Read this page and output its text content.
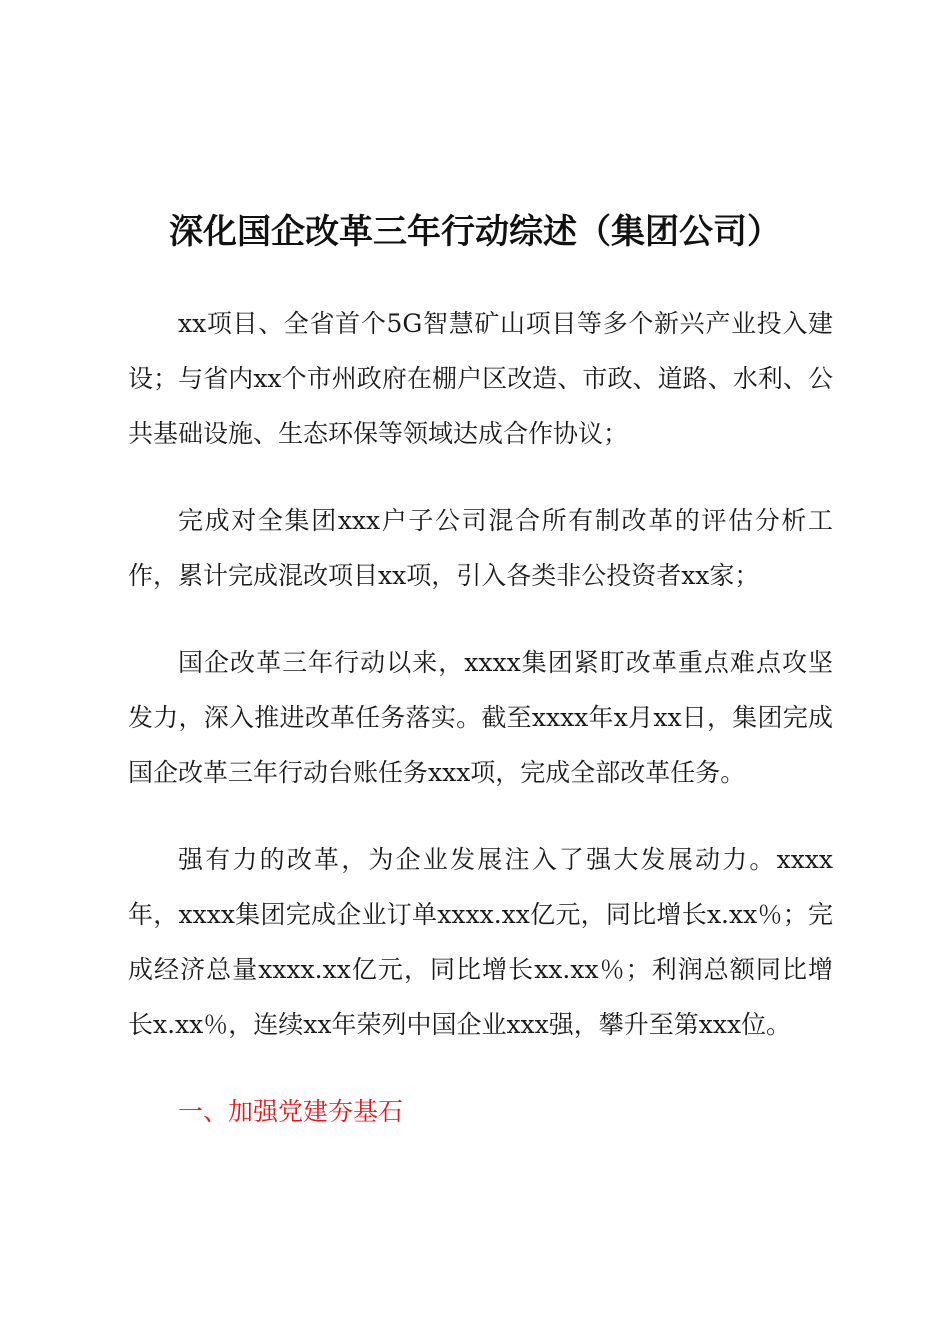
深化国企改革三年行动综述（集团公司）

xx项目、全省首个5G智慧矿山项目等多个新兴产业投入建设；与省内xx个市州政府在棚户区改造、市政、道路、水利、公共基础设施、生态环保等领域达成合作协议；

完成对全集团xxx户子公司混合所有制改革的评估分析工作，累计完成混改项目xx项，引入各类非公投资者xx家；

国企改革三年行动以来，xxxx集团紧盯改革重点难点攻坚发力，深入推进改革任务落实。截至xxxx年x月xx日，集团完成国企改革三年行动台账任务xxx项，完成全部改革任务。

强有力的改革，为企业发展注入了强大发展动力。xxxx年，xxxx集团完成企业订单xxxx.xx亿元，同比增长x.xx％；完成经济总量xxxx.xx亿元，同比增长xx.xx％；利润总额同比增长x.xx％，连续xx年荣列中国企业xxx强，攀升至第xxx位。

一、加强党建夯基石
